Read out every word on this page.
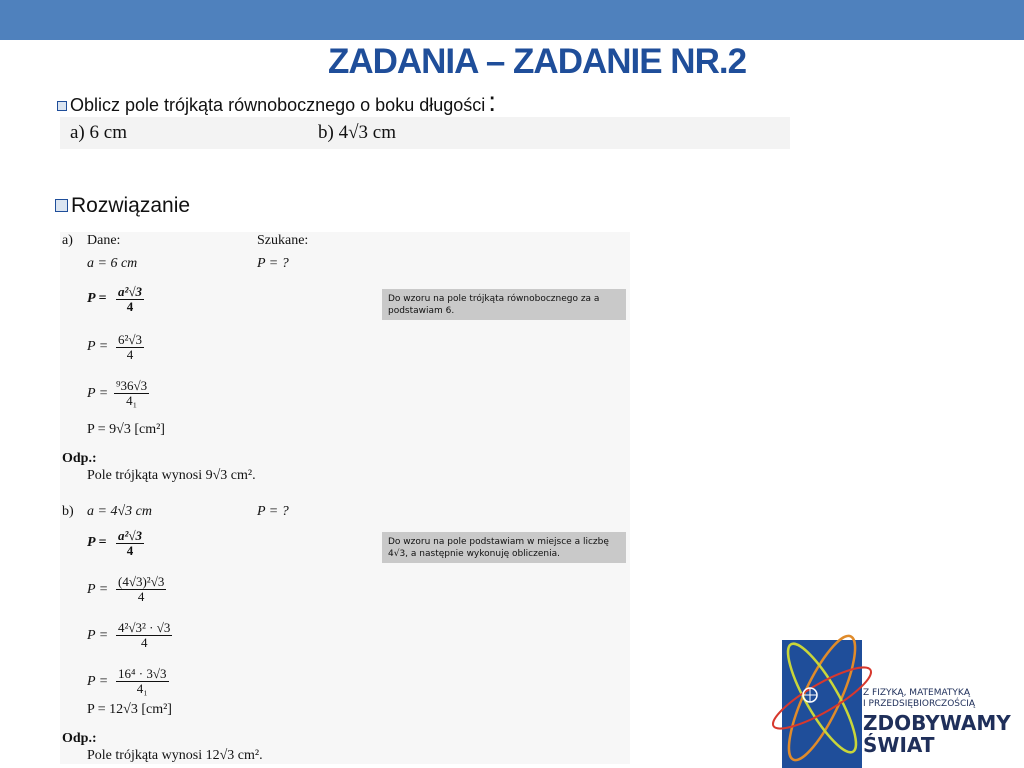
ZADANIA – ZADANIE NR.2
Oblicz pole trójkąta równobocznego o boku długości :
a) 6 cm	b) 4√3 cm
Rozwiązanie
a) Dane:	Szukane:
a = 6 cm	P = ?
$P = \frac{\text{a²√3}}{4}$
$P = \frac{\text{6²√3}}{4}$
$P = \frac{\text{⁹36√3}}{\text{4₁}}$
P = 9√3 [cm²]
Odp.:
Pole trójkąta wynosi 9√3 cm².
Do wzoru na pole trójkąta równobocznego za a podstawiam 6.
b) a = 4√3 cm	P = ?
$P = \frac{\text{a²√3}}{4}$
$P = \frac{\text{(4√3)²√3}}{4}$
$P = \frac{\text{4²√3² · √3}}{4}$
$P = \frac{\text{16⁴ · 3√3}}{\text{4₁}}$
P = 12√3 [cm²]
Odp.:
Pole trójkąta wynosi 12√3 cm².
Do wzoru na pole podstawiam w miejsce a liczbę 4√3, a następnie wykonuję obliczenia.
Z FIZYKĄ, MATEMATYKĄ
I PRZEDSIĘBIORCZOŚCIĄ
ZDOBYWAMY
ŚWIAT
